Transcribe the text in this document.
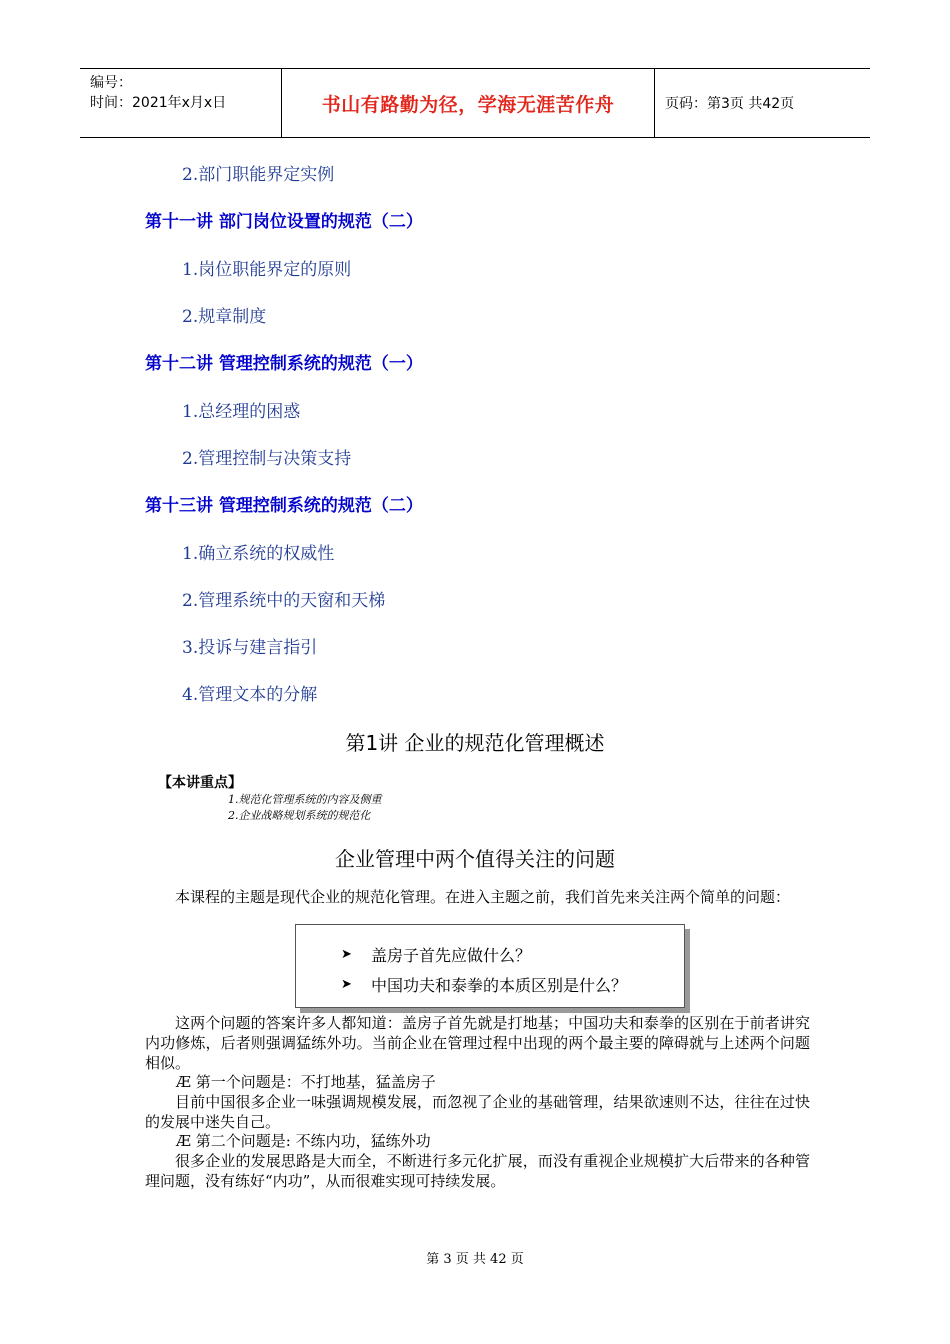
编号：
时间：2021年x月x日	书山有路勤为径，学海无涯苦作舟	页码：第3页 共42页
2.部门职能界定实例
第十一讲 部门岗位设置的规范（二）
1.岗位职能界定的原则
2.规章制度
第十二讲 管理控制系统的规范（一）
1.总经理的困惑
2.管理控制与决策支持
第十三讲 管理控制系统的规范（二）
1.确立系统的权威性
2.管理系统中的天窗和天梯
3.投诉与建言指引
4.管理文本的分解
第1讲 企业的规范化管理概述
【本讲重点】
1.规范化管理系统的内容及侧重
2.企业战略规划系统的规范化
企业管理中两个值得关注的问题
本课程的主题是现代企业的规范化管理。在进入主题之前，我们首先来关注两个简单的问题：
➤ 盖房子首先应做什么？
➤ 中国功夫和泰拳的本质区别是什么？
这两个问题的答案许多人都知道：盖房子首先就是打地基；中国功夫和泰拳的区别在于前者讲究内功修炼，后者则强调猛练外功。当前企业在管理过程中出现的两个最主要的障碍就与上述两个问题相似。
Æ 第一个问题是：不打地基，猛盖房子
目前中国很多企业一味强调规模发展，而忽视了企业的基础管理，结果欲速则不达，往往在过快的发展中迷失自己。
Æ 第二个问题是: 不练内功，猛练外功
很多企业的发展思路是大而全，不断进行多元化扩展，而没有重视企业规模扩大后带来的各种管理问题，没有练好“内功”，从而很难实现可持续发展。
第 3 页 共 42 页
